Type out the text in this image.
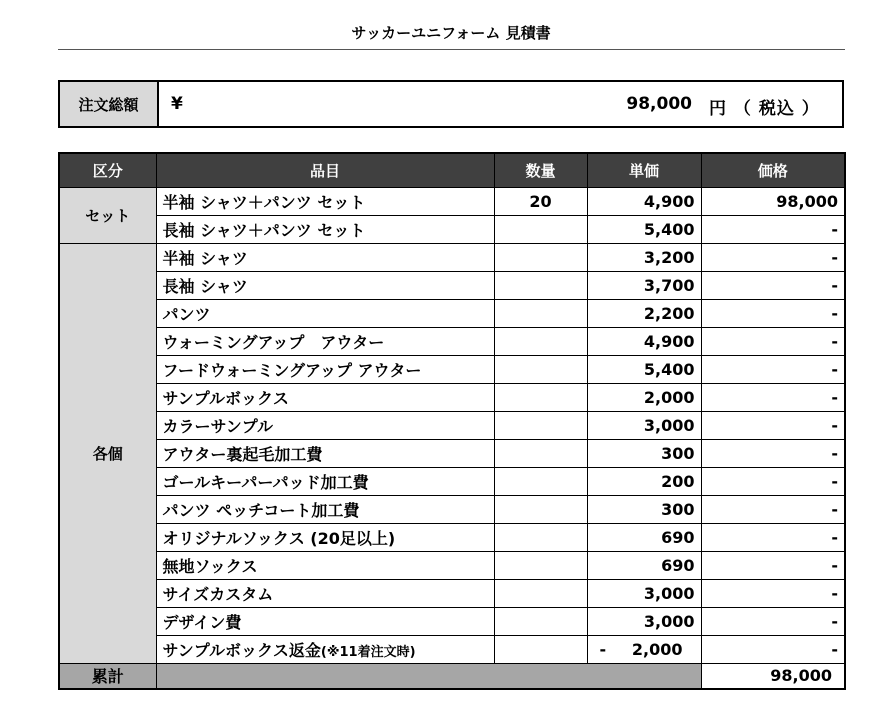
サッカーユニフォーム 見積書
注文総額	¥	98,000 円 （ 税込 ）
区分	品目	数量	単価	価格
セット	半袖 シャツ＋パンツ セット	20	4,900	98,000
	長袖 シャツ＋パンツ セット		5,400	-
各個	半袖 シャツ		3,200	-
	長袖 シャツ		3,700	-
	パンツ		2,200	-
	ウォーミングアップ　アウター		4,900	-
	フードウォーミングアップ アウター		5,400	-
	サンプルボックス		2,000	-
	カラーサンプル		3,000	-
	アウター裏起毛加工費		300	-
	ゴールキーパーパッド加工費		200	-
	パンツ ペッチコート加工費		300	-
	オリジナルソックス (20足以上)		690	-
	無地ソックス		690	-
	サイズカスタム		3,000	-
	デザイン費		3,000	-
	サンプルボックス返金(※11着注文時)		- 2,000	-
累計				98,000
